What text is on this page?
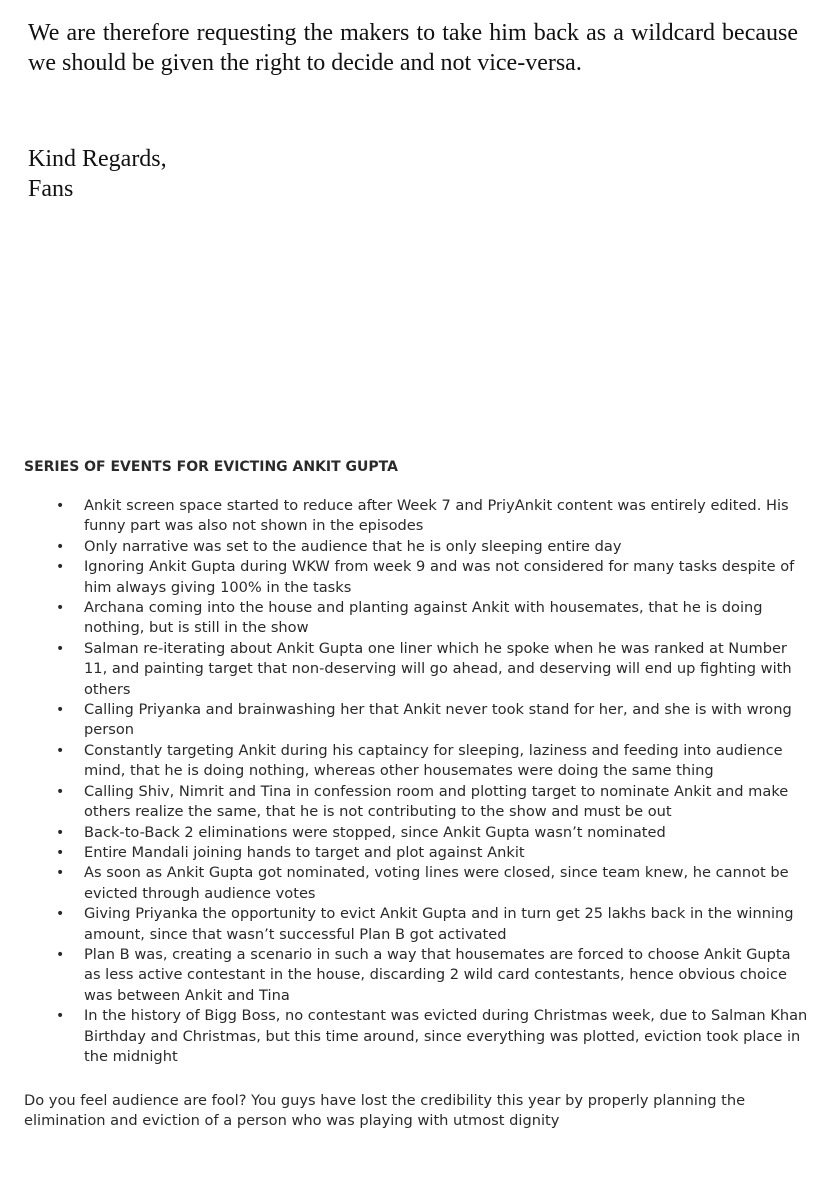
We are therefore requesting the makers to take him back as a wildcard because we should be given the right to decide and not vice-versa.

Kind Regards,
Fans
SERIES OF EVENTS FOR EVICTING ANKIT GUPTA
• Ankit screen space started to reduce after Week 7 and PriyAnkit content was entirely edited. His funny part was also not shown in the episodes
• Only narrative was set to the audience that he is only sleeping entire day
• Ignoring Ankit Gupta during WKW from week 9 and was not considered for many tasks despite of him always giving 100% in the tasks
• Archana coming into the house and planting against Ankit with housemates, that he is doing nothing, but is still in the show
• Salman re-iterating about Ankit Gupta one liner which he spoke when he was ranked at Number 11, and painting target that non-deserving will go ahead, and deserving will end up fighting with others
• Calling Priyanka and brainwashing her that Ankit never took stand for her, and she is with wrong person
• Constantly targeting Ankit during his captaincy for sleeping, laziness and feeding into audience mind, that he is doing nothing, whereas other housemates were doing the same thing
• Calling Shiv, Nimrit and Tina in confession room and plotting target to nominate Ankit and make others realize the same, that he is not contributing to the show and must be out
• Back-to-Back 2 eliminations were stopped, since Ankit Gupta wasn’t nominated
• Entire Mandali joining hands to target and plot against Ankit
• As soon as Ankit Gupta got nominated, voting lines were closed, since team knew, he cannot be evicted through audience votes
• Giving Priyanka the opportunity to evict Ankit Gupta and in turn get 25 lakhs back in the winning amount, since that wasn’t successful Plan B got activated
• Plan B was, creating a scenario in such a way that housemates are forced to choose Ankit Gupta as less active contestant in the house, discarding 2 wild card contestants, hence obvious choice was between Ankit and Tina
• In the history of Bigg Boss, no contestant was evicted during Christmas week, due to Salman Khan Birthday and Christmas, but this time around, since everything was plotted, eviction took place in the midnight

Do you feel audience are fool? You guys have lost the credibility this year by properly planning the elimination and eviction of a person who was playing with utmost dignity
